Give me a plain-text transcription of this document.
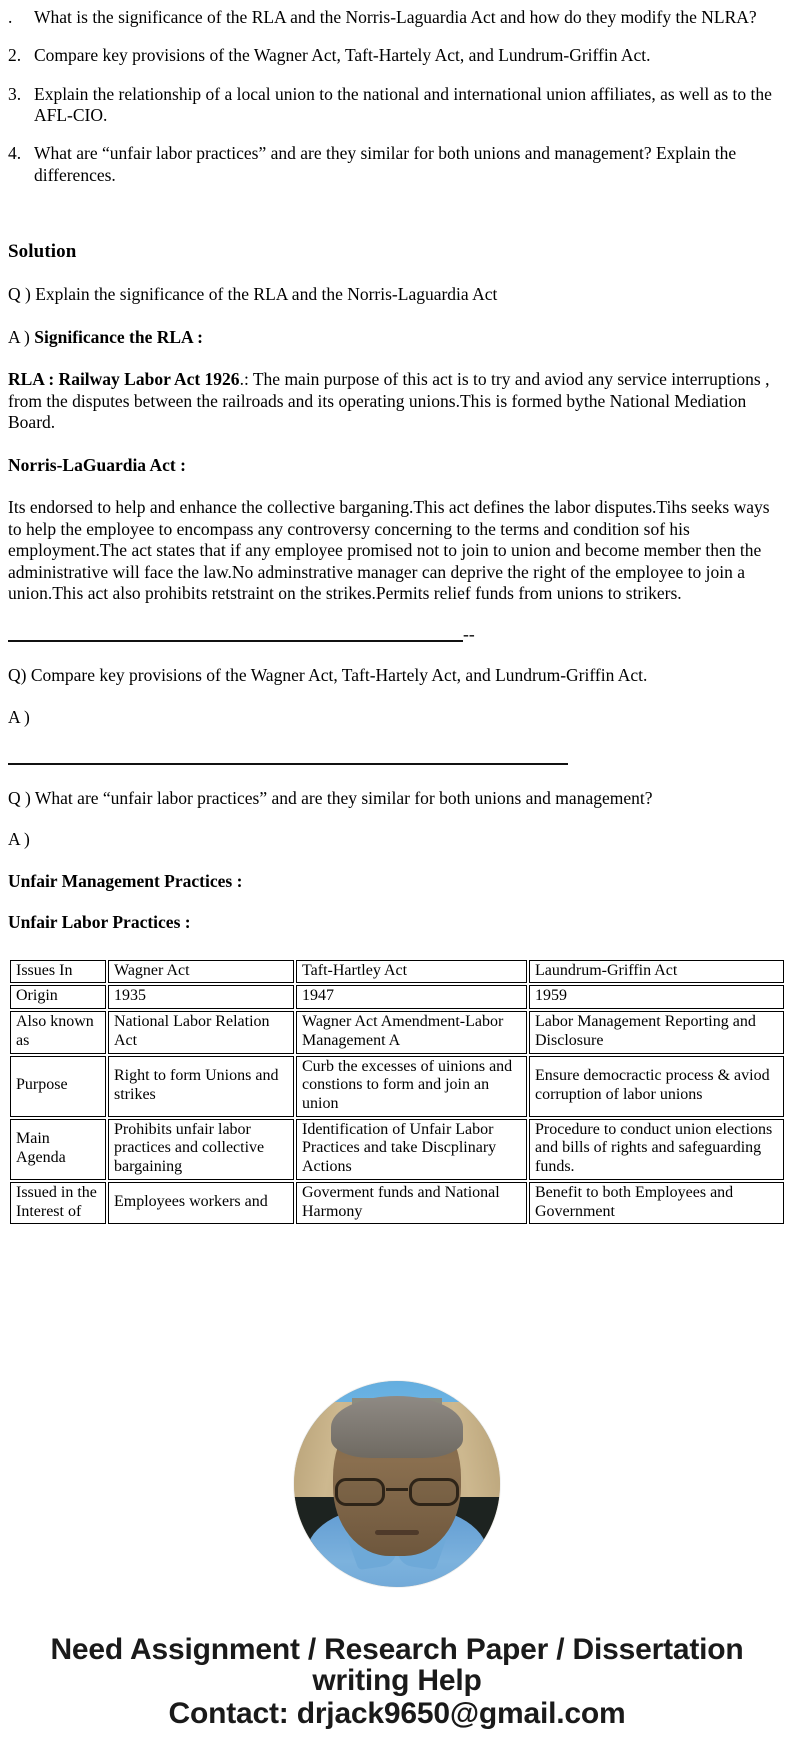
.	What is the significance of the RLA and the Norris-Laguardia Act and how do they modify the NLRA?
2. Compare key provisions of the Wagner Act, Taft-Hartely Act, and Lundrum-Griffin Act.
3. Explain the relationship of a local union to the national and international union affiliates, as well as to the AFL-CIO.
4. What are “unfair labor practices” and are they similar for both unions and management? Explain the differences.
Solution

Q ) Explain the significance of the RLA and the Norris-Laguardia Act

A ) Significance the RLA :

RLA : Railway Labor Act 1926.: The main purpose of this act is to try and aviod any service interruptions , from the disputes between the railroads and its operating unions.This is formed bythe National Mediation Board.

Norris-LaGuardia Act :

Its endorsed to help and enhance the collective barganing.This act defines the labor disputes.Tihs seeks ways to help the employee to encompass any controversy concerning to the terms and condition sof his employment.The act states that if any employee promised not to join to union and become member then the administrative will face the law.No adminstrative manager can deprive the right of the employee to join a union.This act also prohibits retstraint on the strikes.Permits relief funds from unions to strikers.

--

Q) Compare key provisions of the Wagner Act, Taft-Hartely Act, and Lundrum-Griffin Act.

A )

Q ) What are “unfair labor practices” and are they similar for both unions and management?

A )

Unfair Management Practices :

Unfair Labor Practices :

Issues In	Wagner Act	Taft-Hartley Act	Laundrum-Griffin Act
Origin	1935	1947	1959
Also known as	National Labor Relation Act	Wagner Act Amendment-Labor Management A	Labor Management Reporting and Disclosure
Purpose	Right to form Unions and strikes	Curb the excesses of uinions and constions to form and join an union	Ensure democractic process & aviod corruption of labor unions
Main Agenda	Prohibits unfair labor practices and collective bargaining	Identification of Unfair Labor Practices and take Discplinary Actions	Procedure to conduct union elections and bills of rights and safeguarding funds.
Issued in the Interest of	Employees workers and	Goverment funds and National Harmony	Benefit to both Employees and Government
Need Assignment / Research Paper / Dissertation
writing Help
Contact: drjack9650@gmail.com
